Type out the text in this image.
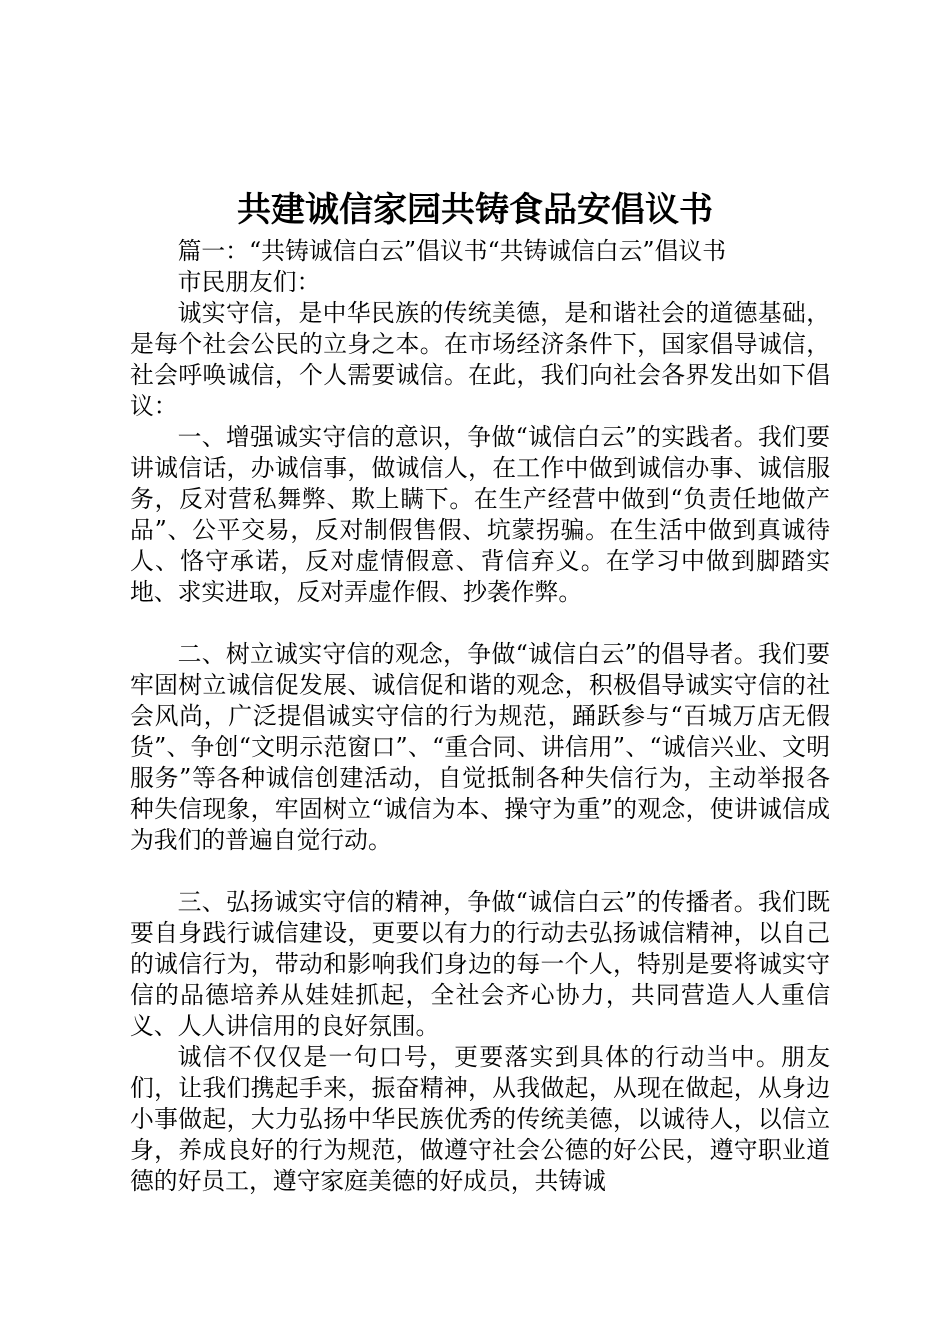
共建诚信家园共铸食品安倡议书

篇一：“共铸诚信白云”倡议书“共铸诚信白云”倡议书

市民朋友们：

诚实守信，是中华民族的传统美德，是和谐社会的道德基础，是每个社会公民的立身之本。在市场经济条件下，国家倡导诚信，社会呼唤诚信，个人需要诚信。在此，我们向社会各界发出如下倡议：

一、增强诚实守信的意识，争做“诚信白云”的实践者。我们要讲诚信话，办诚信事，做诚信人，在工作中做到诚信办事、诚信服务，反对营私舞弊、欺上瞒下。在生产经营中做到“负责任地做产品”、公平交易，反对制假售假、坑蒙拐骗。在生活中做到真诚待人、恪守承诺，反对虚情假意、背信弃义。在学习中做到脚踏实地、求实进取，反对弄虚作假、抄袭作弊。

二、树立诚实守信的观念，争做“诚信白云”的倡导者。我们要牢固树立诚信促发展、诚信促和谐的观念，积极倡导诚实守信的社会风尚，广泛提倡诚实守信的行为规范，踊跃参与“百城万店无假货”、争创“文明示范窗口”、“重合同、讲信用”、“诚信兴业、文明服务”等各种诚信创建活动，自觉抵制各种失信行为，主动举报各种失信现象，牢固树立“诚信为本、操守为重”的观念，使讲诚信成为我们的普遍自觉行动。

三、弘扬诚实守信的精神，争做“诚信白云”的传播者。我们既要自身践行诚信建设，更要以有力的行动去弘扬诚信精神，以自己的诚信行为，带动和影响我们身边的每一个人，特别是要将诚实守信的品德培养从娃娃抓起，全社会齐心协力，共同营造人人重信义、人人讲信用的良好氛围。

诚信不仅仅是一句口号，更要落实到具体的行动当中。朋友们，让我们携起手来，振奋精神，从我做起，从现在做起，从身边小事做起，大力弘扬中华民族优秀的传统美德，以诚待人，以信立身，养成良好的行为规范，做遵守社会公德的好公民，遵守职业道德的好员工，遵守家庭美德的好成员，共铸诚
